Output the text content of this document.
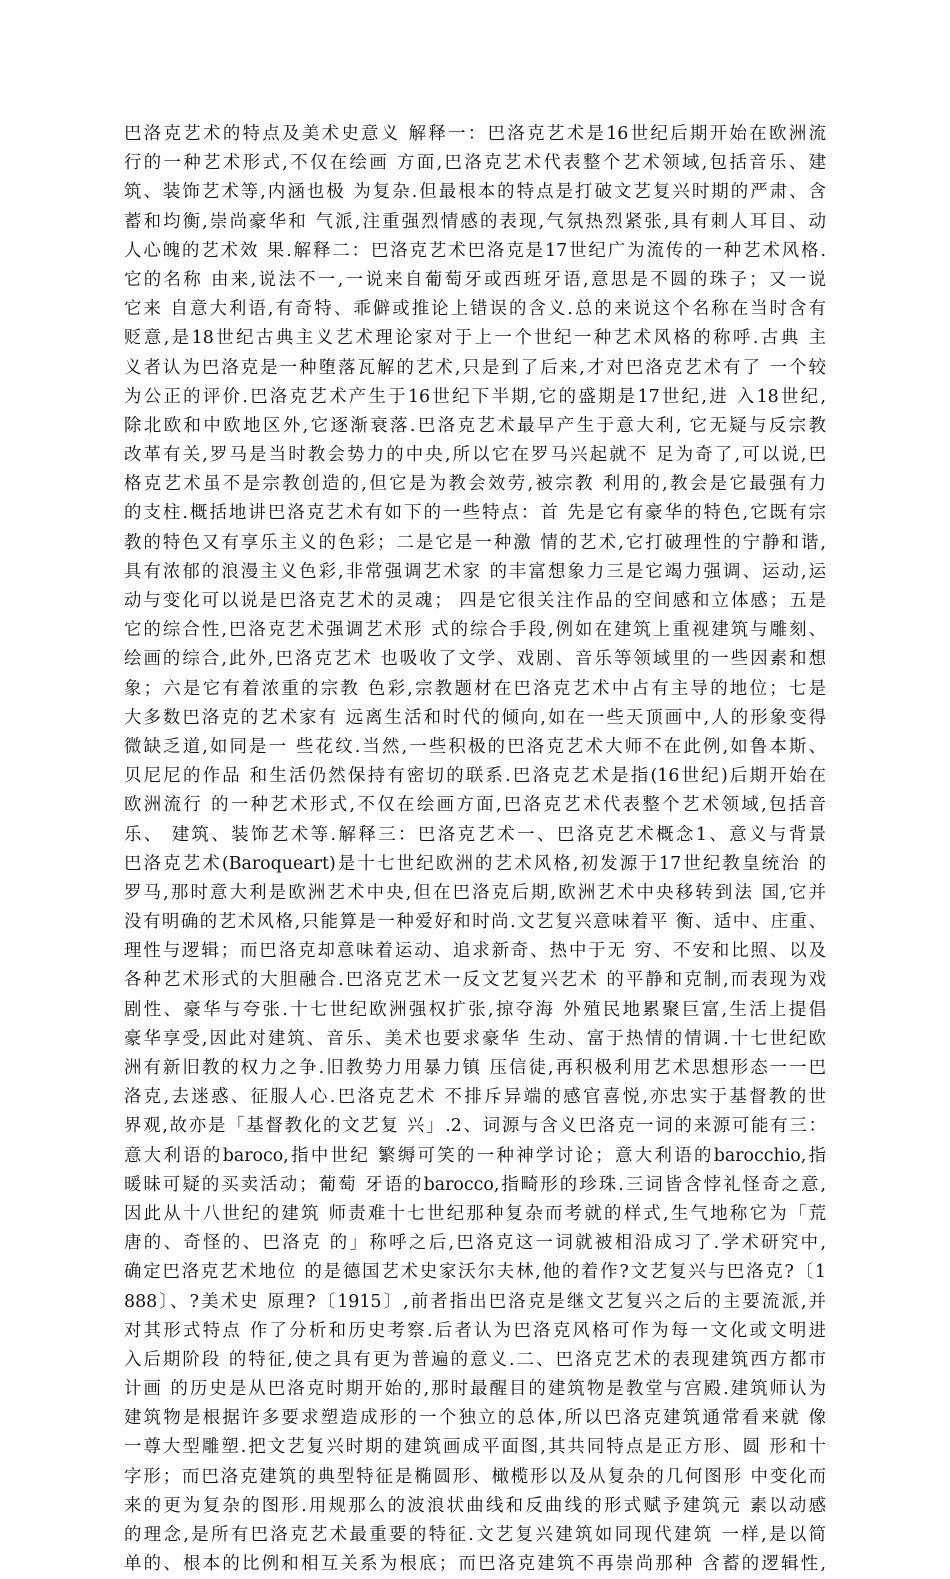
巴洛克艺术的特点及美术史意义 解释一：巴洛克艺术是16世纪后期开始在欧洲流
行的一种艺术形式,不仅在绘画 方面,巴洛克艺术代表整个艺术领域,包括音乐、建
筑、装饰艺术等,内涵也极 为复杂.但最根本的特点是打破文艺复兴时期的严肃、含
蓄和均衡,崇尚豪华和 气派,注重强烈情感的表现,气氛热烈紧张,具有刺人耳目、动
人心魄的艺术效 果.解释二：巴洛克艺术巴洛克是17世纪广为流传的一种艺术风格.
它的名称 由来,说法不一,一说来自葡萄牙或西班牙语,意思是不圆的珠子；又一说
它来 自意大利语,有奇特、乖僻或推论上错误的含义.总的来说这个名称在当时含有
贬意,是18世纪古典主义艺术理论家对于上一个世纪一种艺术风格的称呼.古典 主
义者认为巴洛克是一种堕落瓦解的艺术,只是到了后来,才对巴洛克艺术有了 一个较
为公正的评价.巴洛克艺术产生于16世纪下半期,它的盛期是17世纪,进 入18世纪,
除北欧和中欧地区外,它逐渐衰落.巴洛克艺术最早产生于意大利, 它无疑与反宗教
改革有关,罗马是当时教会势力的中央,所以它在罗马兴起就不 足为奇了,可以说,巴
格克艺术虽不是宗教创造的,但它是为教会效劳,被宗教 利用的,教会是它最强有力
的支柱.概括地讲巴洛克艺术有如下的一些特点：首 先是它有豪华的特色,它既有宗
教的特色又有享乐主义的色彩；二是它是一种激 情的艺术,它打破理性的宁静和谐,
具有浓郁的浪漫主义色彩,非常强调艺术家 的丰富想象力三是它竭力强调、运动,运
动与变化可以说是巴洛克艺术的灵魂； 四是它很关注作品的空间感和立体感；五是
它的综合性,巴洛克艺术强调艺术形 式的综合手段,例如在建筑上重视建筑与雕刻、
绘画的综合,此外,巴洛克艺术 也吸收了文学、戏剧、音乐等领域里的一些因素和想
象；六是它有着浓重的宗教 色彩,宗教题材在巴洛克艺术中占有主导的地位；七是
大多数巴洛克的艺术家有 远离生活和时代的倾向,如在一些天顶画中,人的形象变得
微缺乏道,如同是一 些花纹.当然,一些积极的巴洛克艺术大师不在此例,如鲁本斯、
贝尼尼的作品 和生活仍然保持有密切的联系.巴洛克艺术是指(16世纪)后期开始在
欧洲流行 的一种艺术形式,不仅在绘画方面,巴洛克艺术代表整个艺术领域,包括音
乐、 建筑、装饰艺术等.解释三：巴洛克艺术一、巴洛克艺术概念1、意义与背景
巴洛克艺术(Baroqueart)是十七世纪欧洲的艺术风格,初发源于17世纪教皇统治 的
罗马,那时意大利是欧洲艺术中央,但在巴洛克后期,欧洲艺术中央移转到法 国,它并
没有明确的艺术风格,只能算是一种爱好和时尚.文艺复兴意味着平 衡、适中、庄重、
理性与逻辑；而巴洛克却意味着运动、追求新奇、热中于无 穷、不安和比照、以及
各种艺术形式的大胆融合.巴洛克艺术一反文艺复兴艺术 的平静和克制,而表现为戏
剧性、豪华与夸张.十七世纪欧洲强权扩张,掠夺海 外殖民地累聚巨富,生活上提倡
豪华享受,因此对建筑、音乐、美术也要求豪华 生动、富于热情的情调.十七世纪欧
洲有新旧教的权力之争.旧教势力用暴力镇 压信徒,再积极利用艺术思想形态一一巴
洛克,去迷惑、征服人心.巴洛克艺术 不排斥异端的感官喜悦,亦忠实于基督教的世
界观,故亦是「基督教化的文艺复 兴」.2、词源与含义巴洛克一词的来源可能有三：
意大利语的baroco,指中世纪 繁缛可笑的一种神学讨论；意大利语的barocchio,指
暖昧可疑的买卖活动；葡萄 牙语的barocco,指畸形的珍珠.三词皆含悖礼怪奇之意,
因此从十八世纪的建筑 师责难十七世纪那种复杂而考就的样式,生气地称它为「荒
唐的、奇怪的、巴洛克 的」称呼之后,巴洛克这一词就被相沿成习了.学术研究中,
确定巴洛克艺术地位 的是德国艺术史家沃尔夫林,他的着作?文艺复兴与巴洛克?〔1
888〕、?美术史 原理?〔1915〕,前者指出巴洛克是继文艺复兴之后的主要流派,并
对其形式特点 作了分析和历史考察.后者认为巴洛克风格可作为每一文化或文明进
入后期阶段 的特征,使之具有更为普遍的意义.二、巴洛克艺术的表现建筑西方都市
计画 的历史是从巴洛克时期开始的,那时最醒目的建筑物是教堂与宫殿.建筑师认为
建筑物是根据许多要求塑造成形的一个独立的总体,所以巴洛克建筑通常看来就 像
一尊大型雕塑.把文艺复兴时期的建筑画成平面图,其共同特点是正方形、圆 形和十
字形；而巴洛克建筑的典型特征是椭圆形、橄榄形以及从复杂的几何图形 中变化而
来的更为复杂的图形.用规那么的波浪状曲线和反曲线的形式赋予建筑元 素以动感
的理念,是所有巴洛克艺术最重要的特征.文艺复兴建筑如同现代建筑 一样,是以简
单的、根本的比例和相互关系为根底；而巴洛克建筑不再崇尚那种 含蓄的逻辑性,
